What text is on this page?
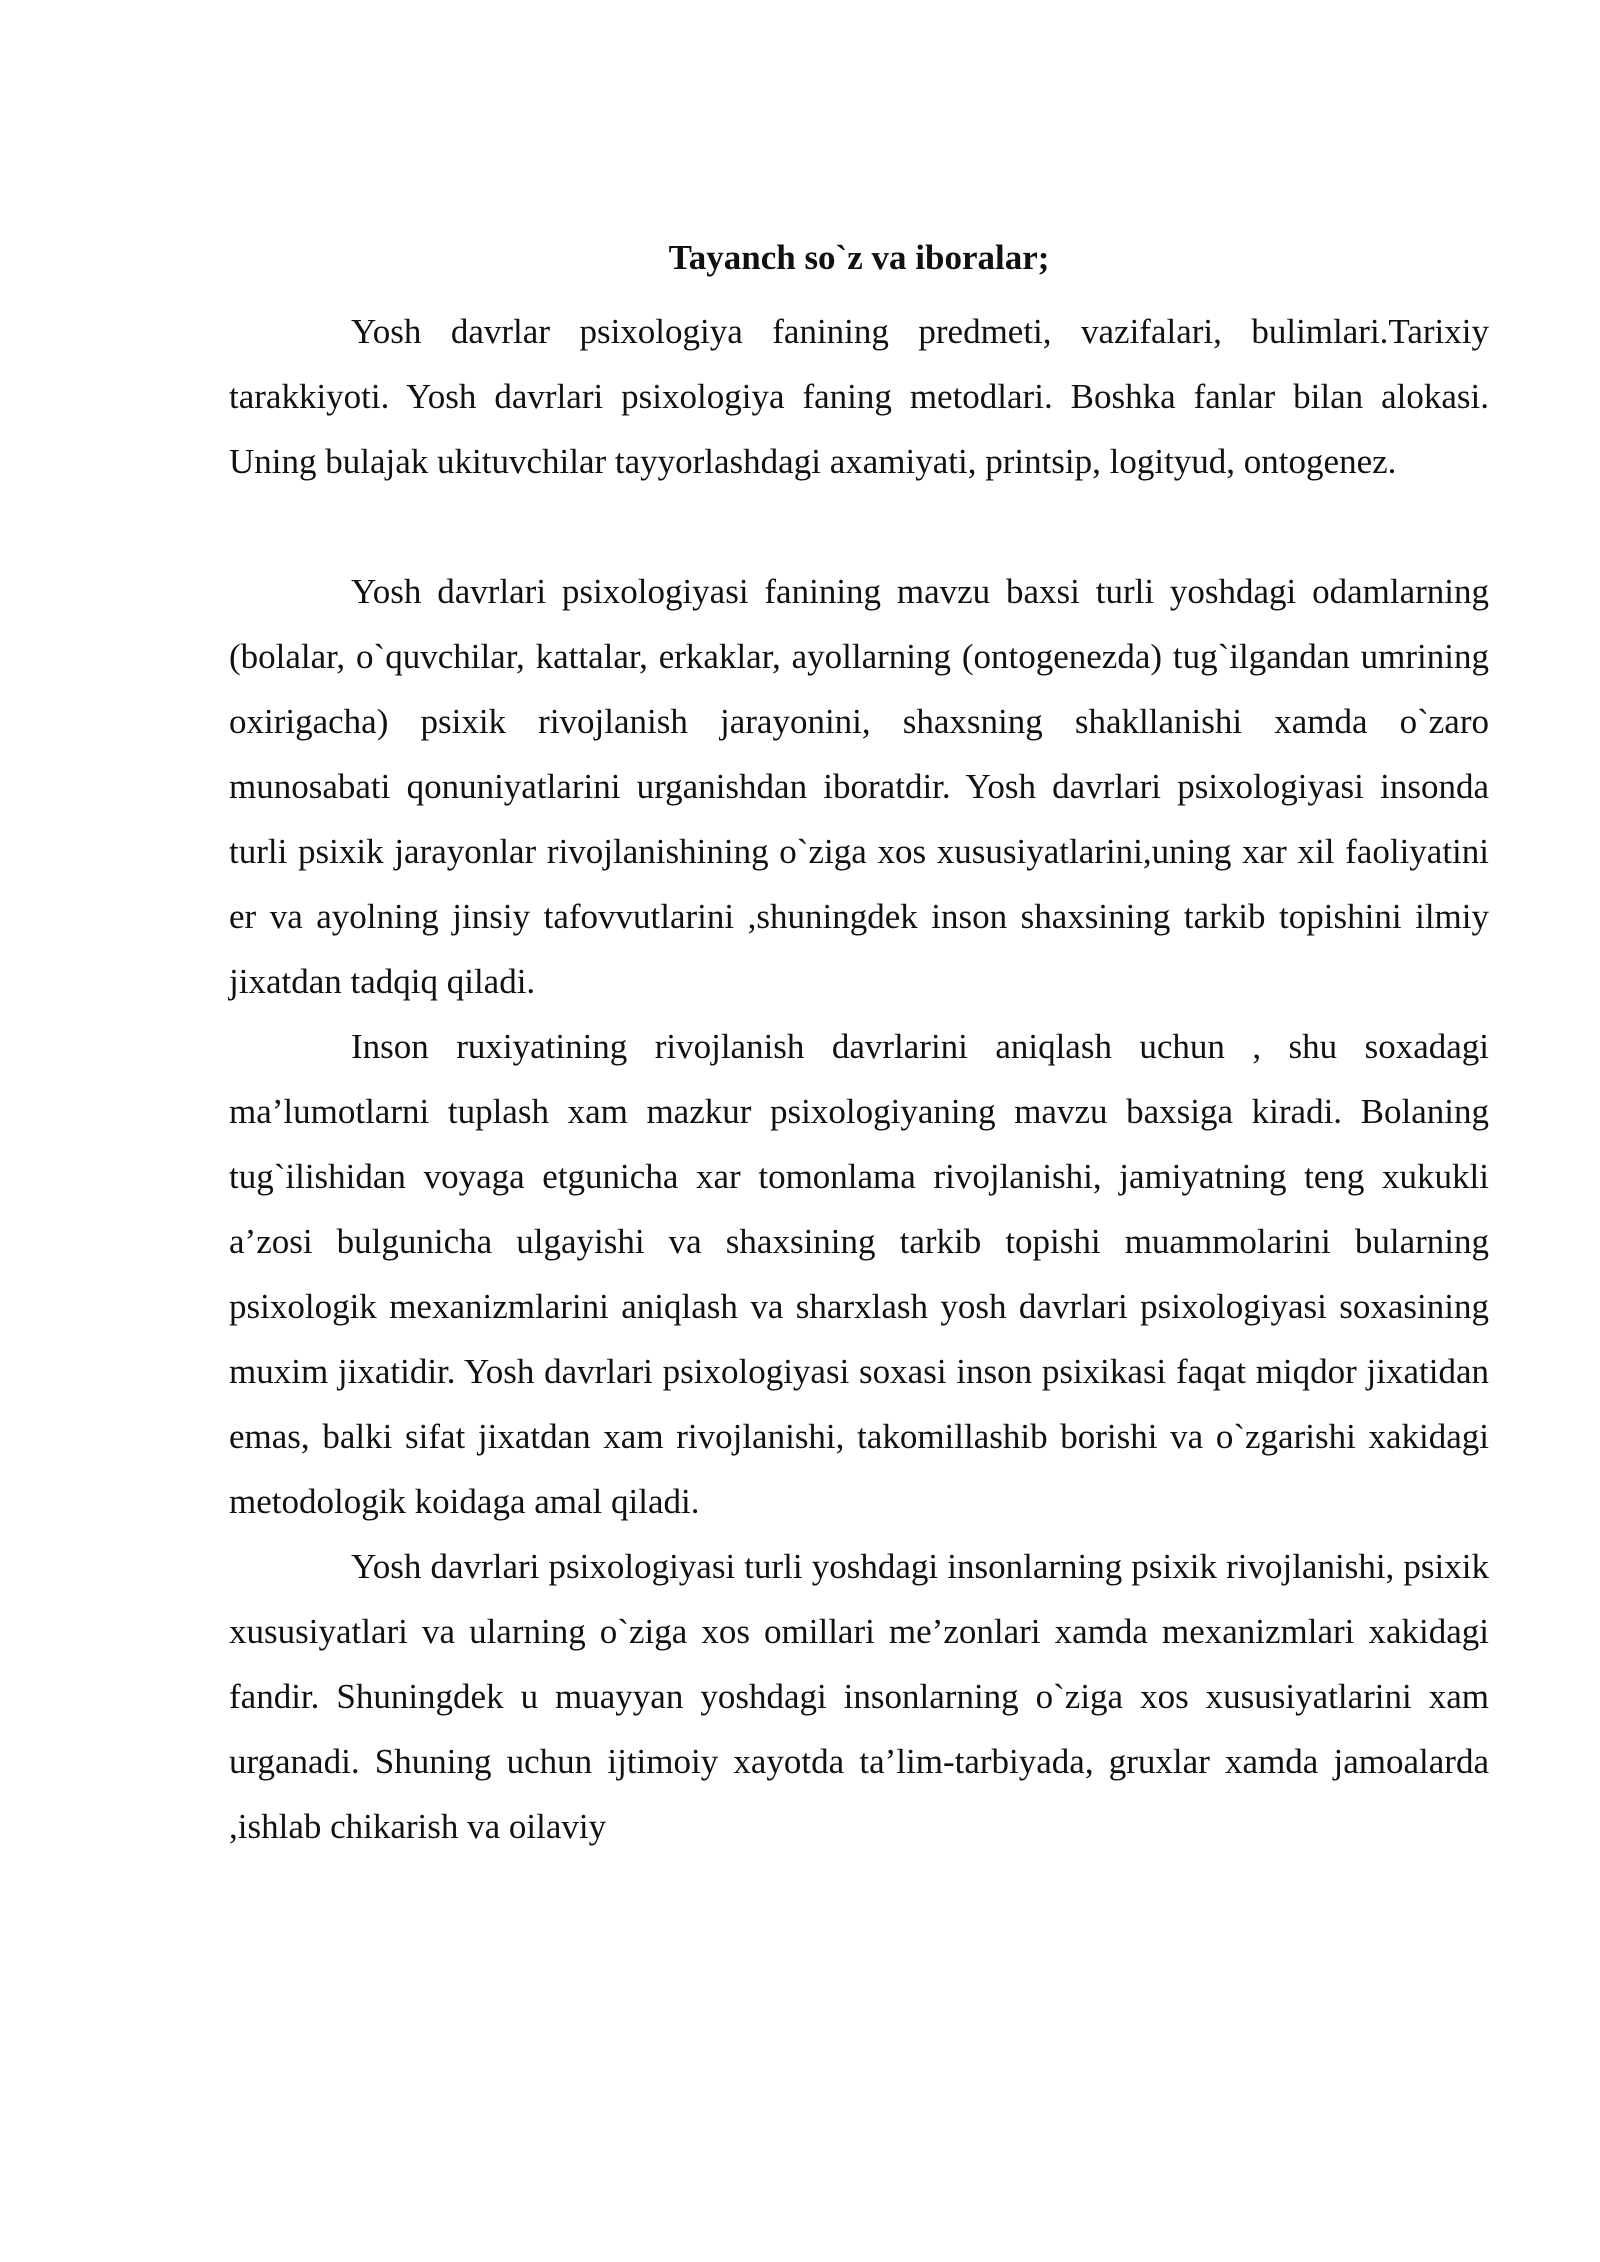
Tayanch so`z va iboralar;

Yosh davrlar psixologiya fanining predmeti, vazifalari, bulimlari.Tarixiy tarakkiyoti. Yosh davrlari psixologiya faning metodlari. Boshka fanlar bilan alokasi. Uning bulajak ukituvchilar tayyorlashdagi axamiyati, printsip, logityud, ontogenez.

Yosh davrlari psixologiyasi fanining mavzu baxsi turli yoshdagi odamlarning (bolalar, o`quvchilar, kattalar, erkaklar, ayollarning (ontogenezda) tug`ilgandan umrining oxirigacha) psixik rivojlanish jarayonini, shaxsning shakllanishi xamda o`zaro munosabati qonuniyatlarini urganishdan iboratdir. Yosh davrlari psixologiyasi insonda turli psixik jarayonlar rivojlanishining o`ziga xos xususiyatlarini,uning xar xil faoliyatini er va ayolning jinsiy tafovvutlarini ,shuningdek inson shaxsining tarkib topishini ilmiy jixatdan tadqiq qiladi.

Inson ruxiyatining rivojlanish davrlarini aniqlash uchun , shu soxadagi ma’lumotlarni tuplash xam mazkur psixologiyaning mavzu baxsiga kiradi. Bolaning tug`ilishidan voyaga etgunicha xar tomonlama rivojlanishi, jamiyatning teng xukukli a’zosi bulgunicha ulgayishi va shaxsining tarkib topishi muammolarini bularning psixologik mexanizmlarini aniqlash va sharxlash yosh davrlari psixologiyasi soxasining muxim jixatidir. Yosh davrlari psixologiyasi soxasi inson psixikasi faqat miqdor jixatidan emas, balki sifat jixatdan xam rivojlanishi, takomillashib borishi va o`zgarishi xakidagi metodologik koidaga amal qiladi.

Yosh davrlari psixologiyasi turli yoshdagi insonlarning psixik rivojlanishi, psixik xususiyatlari va ularning o`ziga xos omillari me’zonlari xamda mexanizmlari xakidagi fandir. Shuningdek u muayyan yoshdagi insonlarning o`ziga xos xususiyatlarini xam urganadi. Shuning uchun ijtimoiy xayotda ta’lim-tarbiyada, gruxlar xamda jamoalarda ,ishlab chikarish va oilaviy
